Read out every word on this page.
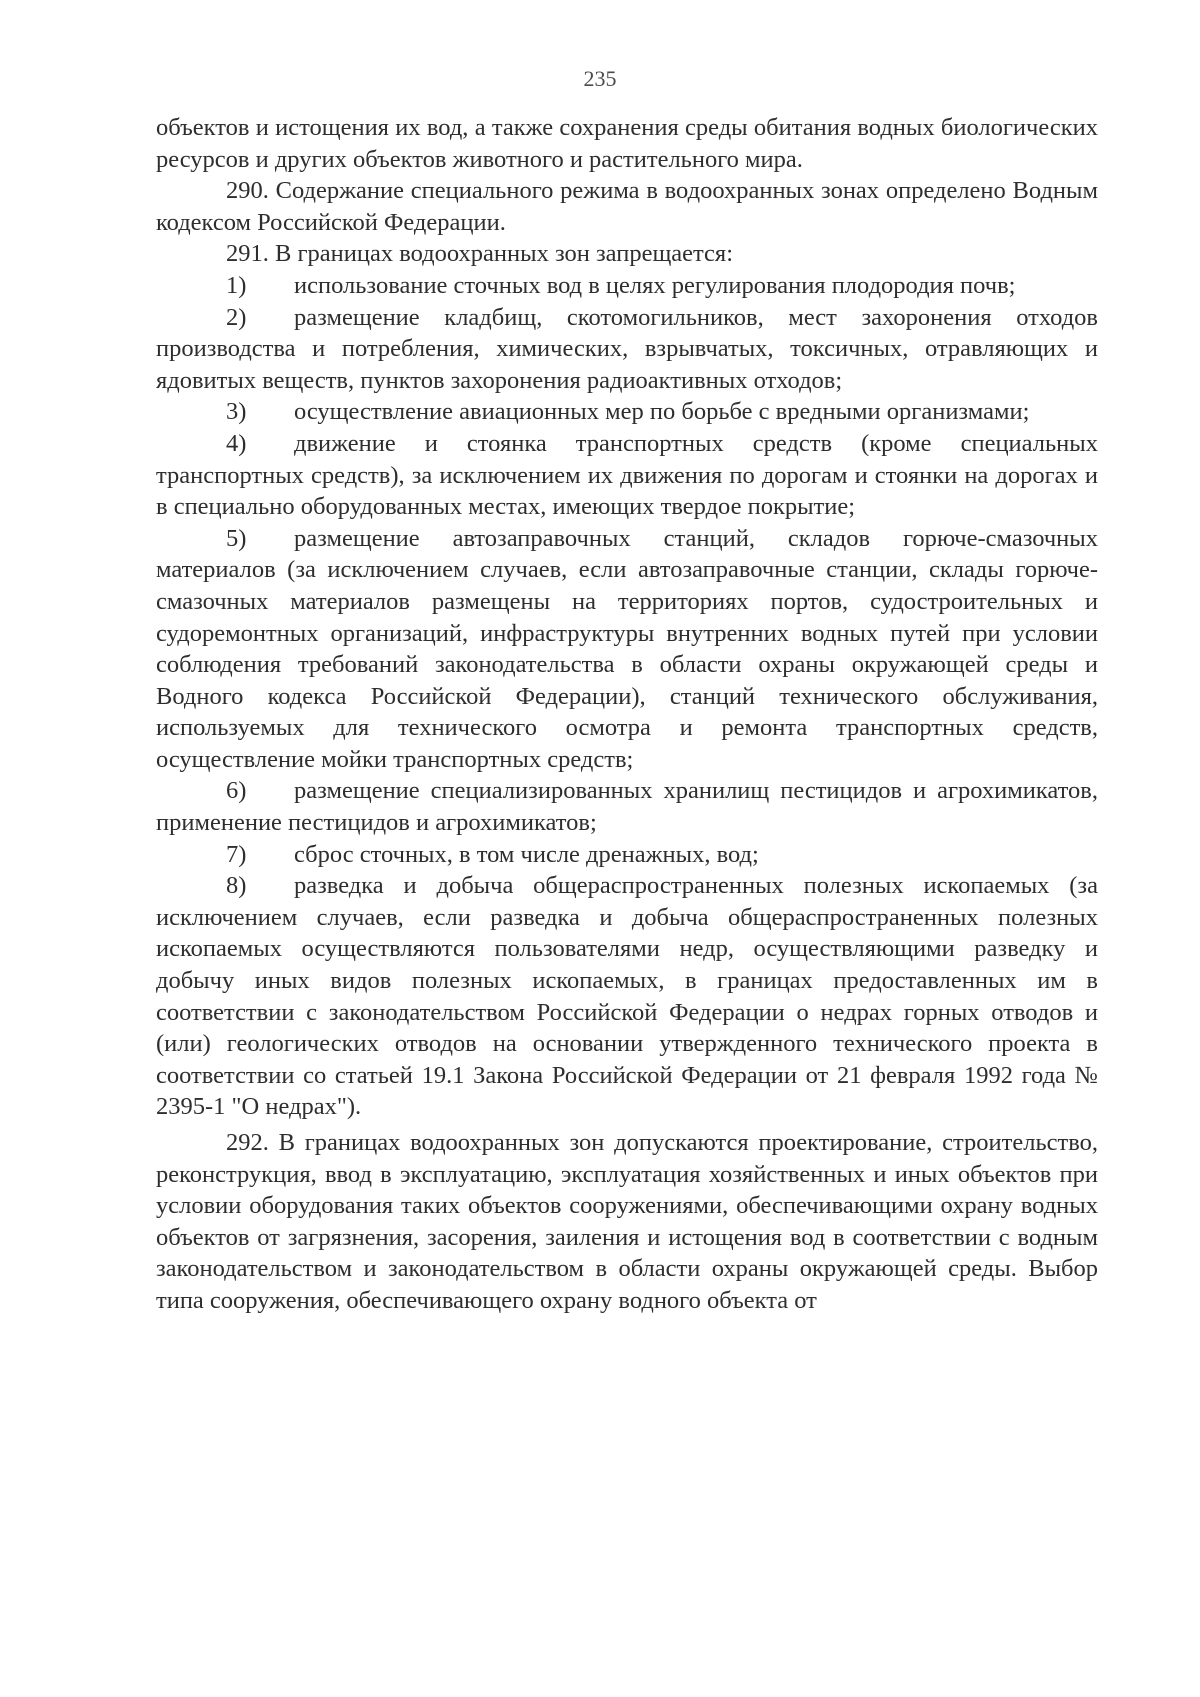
235

объектов и истощения их вод, а также сохранения среды обитания водных биологических ресурсов и других объектов животного и растительного мира.

290. Содержание специального режима в водоохранных зонах определено Водным кодексом Российской Федерации.

291. В границах водоохранных зон запрещается:

1) использование сточных вод в целях регулирования плодородия почв;

2) размещение кладбищ, скотомогильников, мест захоронения отходов производства и потребления, химических, взрывчатых, токсичных, отравляющих и ядовитых веществ, пунктов захоронения радиоактивных отходов;

3) осуществление авиационных мер по борьбе с вредными организмами;

4) движение и стоянка транспортных средств (кроме специальных транспортных средств), за исключением их движения по дорогам и стоянки на дорогах и в специально оборудованных местах, имеющих твердое покрытие;

5) размещение автозаправочных станций, складов горюче-смазочных материалов (за исключением случаев, если автозаправочные станции, склады горюче-смазочных материалов размещены на территориях портов, судостроительных и судоремонтных организаций, инфраструктуры внутренних водных путей при условии соблюдения требований законодательства в области охраны окружающей среды и Водного кодекса Российской Федерации), станций технического обслуживания, используемых для технического осмотра и ремонта транспортных средств, осуществление мойки транспортных средств;

6) размещение специализированных хранилищ пестицидов и агрохимикатов, применение пестицидов и агрохимикатов;

7) сброс сточных, в том числе дренажных, вод;

8) разведка и добыча общераспространенных полезных ископаемых (за исключением случаев, если разведка и добыча общераспространенных полезных ископаемых осуществляются пользователями недр, осуществляющими разведку и добычу иных видов полезных ископаемых, в границах предоставленных им в соответствии с законодательством Российской Федерации о недрах горных отводов и (или) геологических отводов на основании утвержденного технического проекта в соответствии со статьей 19.1 Закона Российской Федерации от 21 февраля 1992 года № 2395-1 "О недрах").

292. В границах водоохранных зон допускаются проектирование, строительство, реконструкция, ввод в эксплуатацию, эксплуатация хозяйственных и иных объектов при условии оборудования таких объектов сооружениями, обеспечивающими охрану водных объектов от загрязнения, засорения, заиления и истощения вод в соответствии с водным законодательством и законодательством в области охраны окружающей среды. Выбор типа сооружения, обеспечивающего охрану водного объекта от
